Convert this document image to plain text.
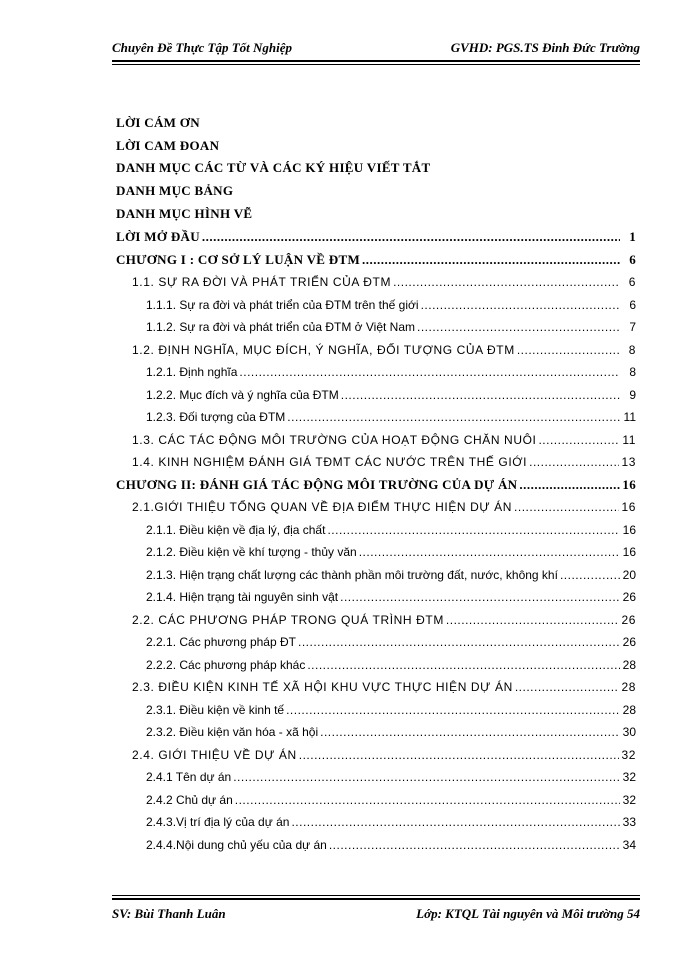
Chuyên Đề Thực Tập Tốt Nghiệp	GVHD: PGS.TS Đinh Đức Trường
LỜI CÁM ƠN
LỜI CAM ĐOAN
DANH MỤC CÁC TỪ VÀ CÁC KÝ HIỆU VIẾT TẮT
DANH MỤC BẢNG
DANH MỤC HÌNH VẼ
LỜI MỞ ĐẦU .....	1
CHƯƠNG I : CƠ SỞ LÝ LUẬN VỀ ĐTM .....	6
1.1. SỰ RA ĐỜI VÀ PHÁT TRIỂN CỦA ĐTM .....	6
1.1.1. Sự ra đời và phát triển của ĐTM trên thế giới .....	6
1.1.2. Sự ra đời và phát triển của ĐTM ở Việt Nam .....	7
1.2. ĐỊNH NGHĨA, MỤC ĐÍCH, Ý NGHĨA, ĐỐI TƯỢNG CỦA ĐTM .....	8
1.2.1. Định nghĩa .....	8
1.2.2. Mục đích và ý nghĩa của ĐTM .....	9
1.2.3. Đối tượng của ĐTM .....	11
1.3. CÁC TÁC ĐỘNG MÔI TRƯỜNG CỦA HOẠT ĐỘNG CHĂN NUÔI .....	11
1.4. KINH NGHIỆM ĐÁNH GIÁ TĐMT CÁC NƯỚC TRÊN THẾ GIỚI .....	13
CHƯƠNG II: ĐÁNH GIÁ TÁC ĐỘNG MÔI TRƯỜNG CỦA DỰ ÁN .....	16
2.1.GIỚI THIỆU TỔNG QUAN VỀ ĐỊA ĐIỂM THỰC HIỆN DỰ ÁN .....	16
2.1.1. Điều kiện về địa lý, địa chất .....	16
2.1.2. Điều kiện về khí tượng - thủy văn .....	16
2.1.3. Hiện trạng chất lượng các thành phần môi trường đất, nước, không khí .....	20
2.1.4. Hiện trạng tài nguyên sinh vật .....	26
2.2. CÁC PHƯƠNG PHÁP TRONG QUÁ TRÌNH ĐTM .....	26
2.2.1. Các phương pháp ĐT .....	26
2.2.2. Các phương pháp khác .....	28
2.3. ĐIỀU KIỆN KINH TẾ XÃ HỘI KHU VỰC THỰC HIỆN DỰ ÁN .....	28
2.3.1. Điều kiện về kinh tế .....	28
2.3.2. Điều kiện văn hóa - xã hội .....	30
2.4. GIỚI THIỆU VỀ DỰ ÁN .....	32
2.4.1 Tên dự án .....	32
2.4.2 Chủ dự án .....	32
2.4.3.Vị trí địa lý của dự án .....	33
2.4.4.Nội dung chủ yếu của dự án .....	34
SV: Bùi Thanh Luân	Lớp: KTQL Tài nguyên và Môi trường 54
